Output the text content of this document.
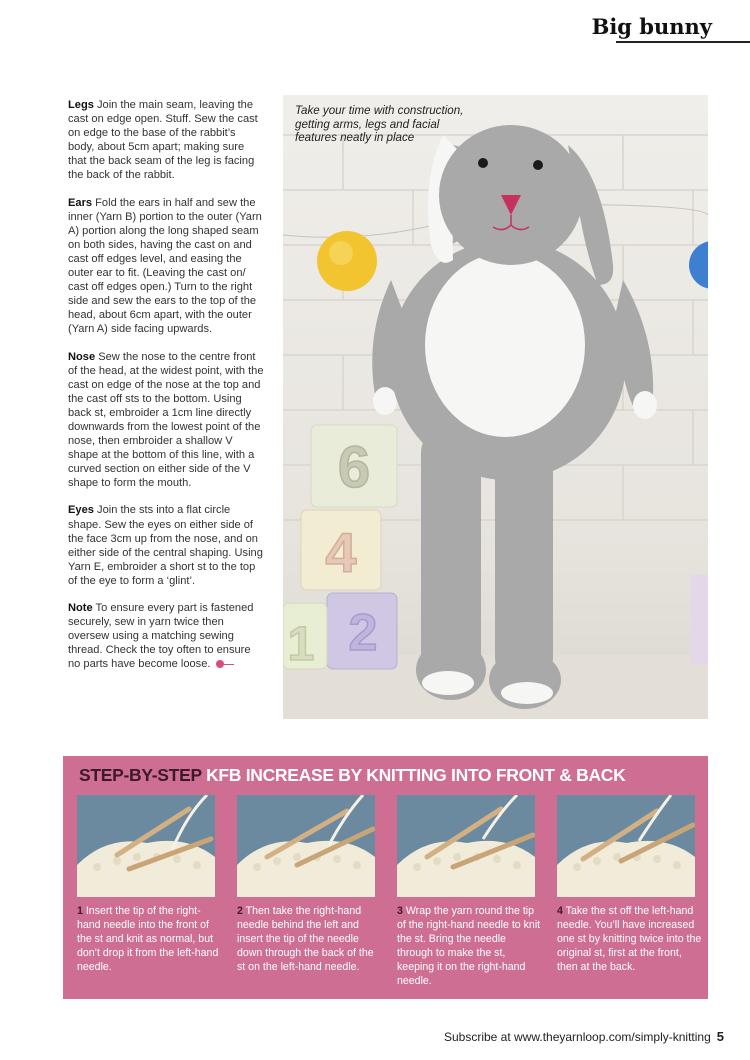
Big bunny

Legs Join the main seam, leaving the cast on edge open. Stuff. Sew the cast on edge to the base of the rabbit’s body, about 5cm apart; making sure that the back seam of the leg is facing the back of the rabbit.

Ears Fold the ears in half and sew the inner (Yarn B) portion to the outer (Yarn A) portion along the long shaped seam on both sides, having the cast on and cast off edges level, and easing the outer ear to fit. (Leaving the cast on/ cast off edges open.) Turn to the right side and sew the ears to the top of the head, about 6cm apart, with the outer (Yarn A) side facing upwards.

Nose Sew the nose to the centre front of the head, at the widest point, with the cast on edge of the nose at the top and the cast off sts to the bottom. Using back st, embroider a 1cm line directly downwards from the lowest point of the nose, then embroider a shallow V shape at the bottom of this line, with a curved section on either side of the V shape to form the mouth.

Eyes Join the sts into a flat circle shape. Sew the eyes on either side of the face 3cm up from the nose, and on either side of the central shaping. Using Yarn E, embroider a short st to the top of the eye to form a ‘glint’.

Note To ensure every part is fastened securely, sew in yarn twice then oversew using a matching sewing thread. Check the toy often to ensure no parts have become loose.

6
4
2
1
Take your time with construction, getting arms, legs and facial features neatly in place
STEP-BY-STEP KFB INCREASE BY KNITTING INTO FRONT & BACK
1 Insert the tip of the right-hand needle into the front of the st and knit as normal, but don’t drop it from the left-hand needle.
2 Then take the right-hand needle behind the left and insert the tip of the needle down through the back of the st on the left-hand needle.
3 Wrap the yarn round the tip of the right-hand needle to knit the st. Bring the needle through to make the st, keeping it on the right-hand needle.
4 Take the st off the left-hand needle. You’ll have increased one st by knitting twice into the original st, first at the front, then at the back.
Subscribe at www.theyarnloop.com/simply-knitting 5
